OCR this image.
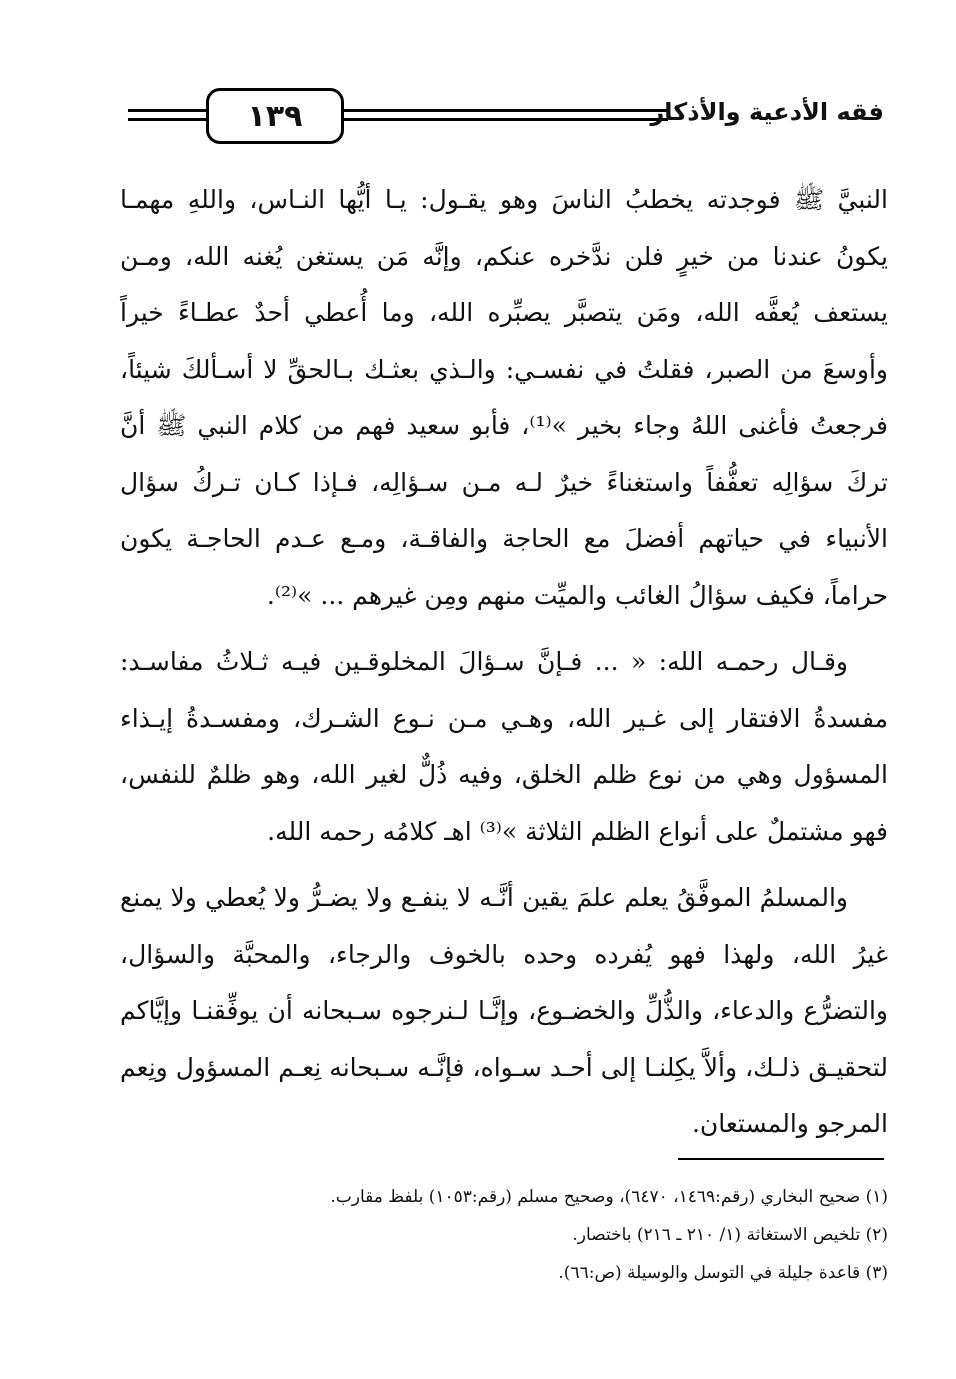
١٣٩	فقه الأدعية والأذكار

النبيَّ ﷺ فوجدته يخطبُ الناسَ وهو يقـول: يـا أيُّها النـاس، واللهِ مهمـا يكونُ عندنا من خيرٍ فلن ندَّخره عنكم، وإنَّه مَن يستغن يُغنه الله، ومـن يستعف يُعفَّه الله، ومَن يتصبَّر يصبِّره الله، وما أُعطي أحدٌ عطـاءً خيراً وأوسعَ من الصبر، فقلتُ في نفسـي: والـذي بعثـك بـالحقِّ لا أسـألكَ شيئاً، فرجعتُ فأغنى اللهُ وجاء بخير »⁽¹⁾، فأبو سعيد فهم من كلام النبي ﷺ أنَّ تركَ سؤالِه تعفُّفاً واستغناءً خيرٌ لـه مـن سـؤالِه، فـإذا كـان تـركُ سؤال الأنبياء في حياتهم أفضلَ مع الحاجة والفاقـة، ومـع عـدم الحاجـة يكون حراماً، فكيف سؤالُ الغائب والميِّت منهم ومِن غيرهم ... »⁽²⁾.

وقـال رحمـه الله: « ... فـإنَّ سـؤالَ المخلوقـين فيـه ثـلاثُ مفاسـد: مفسدةُ الافتقار إلى غـير الله، وهـي مـن نـوع الشـرك، ومفسـدةُ إيـذاء المسؤول وهي من نوع ظلم الخلق، وفيه ذُلٌّ لغير الله، وهو ظلمٌ للنفس، فهو مشتملٌ على أنواع الظلم الثلاثة »⁽³⁾ اهـ كلامُه رحمه الله.

والمسلمُ الموفَّقُ يعلم علمَ يقين أنَّـه لا ينفـع ولا يضـرُّ ولا يُعطي ولا يمنع غيرُ الله، ولهذا فهو يُفرده وحده بالخوف والرجاء، والمحبَّة والسؤال، والتضرُّع والدعاء، والذُّلِّ والخضـوع، وإنَّـا لـنرجوه سـبحانه أن يوفِّقنـا وإيَّاكم لتحقيـق ذلـك، وألاَّ يكِلنـا إلى أحـد سـواه، فإنَّـه سـبحانه نِعـم المسؤول ونِعم المرجو والمستعان.

(١) صحيح البخاري (رقم:١٤٦٩، ٦٤٧٠)، وصحيح مسلم (رقم:١٠٥٣) بلفظ مقارب.
(٢) تلخيص الاستغاثة (١/ ٢١٠ ـ ٢١٦) باختصار.
(٣) قاعدة جليلة في التوسل والوسيلة (ص:٦٦).
